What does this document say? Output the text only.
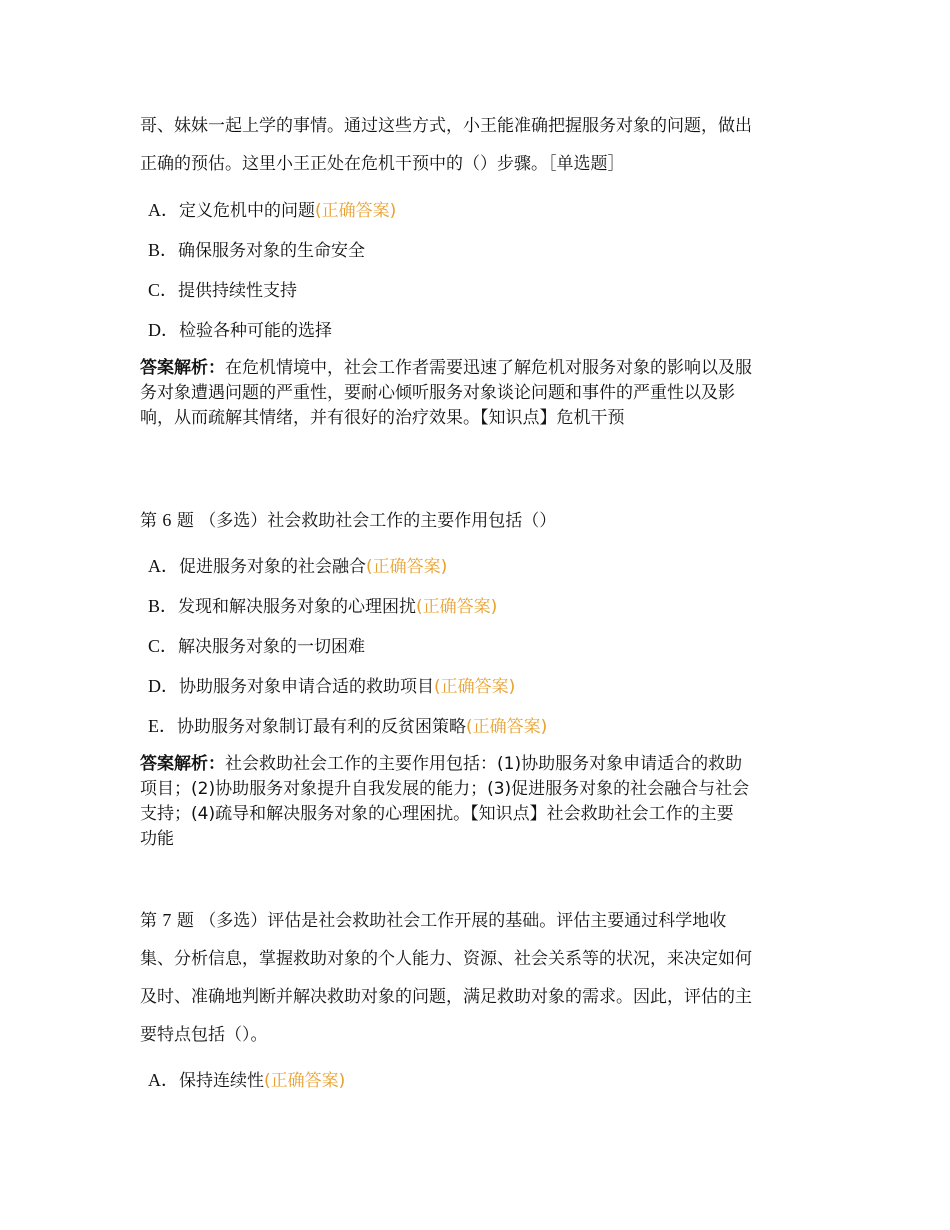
哥、妹妹一起上学的事情。通过这些方式，小王能准确把握服务对象的问题，做出
正确的预估。这里小王正处在危机干预中的（）步骤。［单选题］
A．定义危机中的问题(正确答案)
B．确保服务对象的生命安全
C．提供持续性支持
D．检验各种可能的选择
答案解析：在危机情境中，社会工作者需要迅速了解危机对服务对象的影响以及服
务对象遭遇问题的严重性，要耐心倾听服务对象谈论问题和事件的严重性以及影
响，从而疏解其情绪，并有很好的治疗效果。【知识点】危机干预
第 6 题 （多选）社会救助社会工作的主要作用包括（）
A．促进服务对象的社会融合(正确答案)
B．发现和解决服务对象的心理困扰(正确答案)
C．解决服务对象的一切困难
D．协助服务对象申请合适的救助项目(正确答案)
E．协助服务对象制订最有利的反贫困策略(正确答案)
答案解析：社会救助社会工作的主要作用包括：(1)协助服务对象申请适合的救助
项目；(2)协助服务对象提升自我发展的能力；(3)促进服务对象的社会融合与社会
支持；(4)疏导和解决服务对象的心理困扰。【知识点】社会救助社会工作的主要
功能
第 7 题 （多选）评估是社会救助社会工作开展的基础。评估主要通过科学地收
集、分析信息，掌握救助对象的个人能力、资源、社会关系等的状况，来决定如何
及时、准确地判断并解决救助对象的问题，满足救助对象的需求。因此，评估的主
要特点包括（）。
A．保持连续性(正确答案)
